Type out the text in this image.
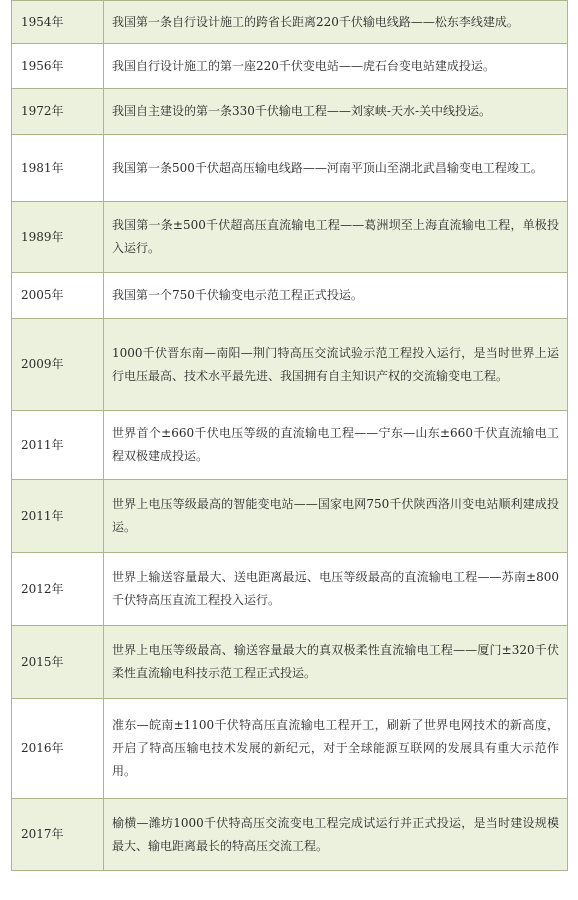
1954年	我国第一条自行设计施工的跨省长距离220千伏输电线路——松东李线建成。
1956年	我国自行设计施工的第一座220千伏变电站——虎石台变电站建成投运。
1972年	我国自主建设的第一条330千伏输电工程——刘家峡-天水-关中线投运。
1981年	我国第一条500千伏超高压输电线路——河南平顶山至湖北武昌输变电工程竣工。
1989年	我国第一条±500千伏超高压直流输电工程——葛洲坝至上海直流输电工程，单极投入运行。
2005年	我国第一个750千伏输变电示范工程正式投运。
2009年	1000千伏晋东南—南阳—荆门特高压交流试验示范工程投入运行，是当时世界上运行电压最高、技术水平最先进、我国拥有自主知识产权的交流输变电工程。
2011年	世界首个±660千伏电压等级的直流输电工程——宁东—山东±660千伏直流输电工程双极建成投运。
2011年	世界上电压等级最高的智能变电站——国家电网750千伏陕西洛川变电站顺利建成投运。
2012年	世界上输送容量最大、送电距离最远、电压等级最高的直流输电工程——苏南±800千伏特高压直流工程投入运行。
2015年	世界上电压等级最高、输送容量最大的真双极柔性直流输电工程——厦门±320千伏柔性直流输电科技示范工程正式投运。
2016年	准东—皖南±1100千伏特高压直流输电工程开工，刷新了世界电网技术的新高度，开启了特高压输电技术发展的新纪元，对于全球能源互联网的发展具有重大示范作用。
2017年	榆横—潍坊1000千伏特高压交流变电工程完成试运行并正式投运，是当时建设规模最大、输电距离最长的特高压交流工程。
